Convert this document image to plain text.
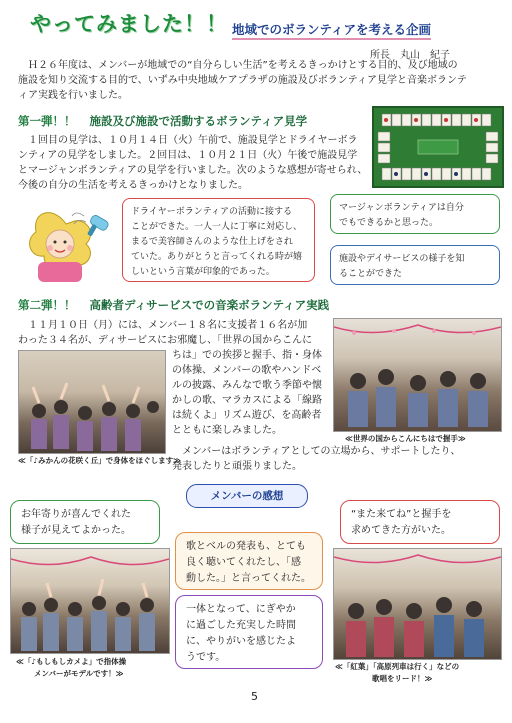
やってみました！！ 地域でのボランティアを考える企画
所長　丸山　紀子
Ｈ２６年度は、メンバーが地域での“自分らしい生活”を考えるきっかけとする目的、及び地域の
施設を知り交流する目的で、いずみ中央地域ケアプラザの施設及びボランティア見学と音楽ボランテ
ィア実践を行いました。
第一弾！！ 施設及び施設で活動するボランティア見学
１回目の見学は、１０月１４日（火）午前で、施設見学とドライヤーボラ
ンティアの見学をしました。２回目は、１０月２１日（火）午後で施設見学
とマージャンボランティアの見学を行いました。次のような感想が寄せられ、
今後の自分の生活を考えるきっかけとなりました。
ドライヤーボランティアの活動に接する
ことができた。一人一人に丁寧に対応し、
まるで美容師さんのような仕上げをされ
ていた。ありがとうと言ってくれる時が嬉
しいという言葉が印象的であった。
マージャンボランティアは自分
でもできるかと思った。
施設やデイサービスの様子を知
ることができた
第二弾！！ 高齢者ディサービスでの音楽ボランティア実践
１１月１０日（月）には、メンバー１８名に支援者１６名が加
わった３４名が、ディサービスにお邪魔し、「世界の国からこんに
ちは」での挨拶と握手、指・身体
の体操、メンバーの歌やハンドベ
ルの披露、みんなで歌う季節や懐
かしの歌、マラカスによる「線路
は続くよ」リズム遊び、を高齢者
とともに楽しみました。
メンバーはボランティアとしての立場から、サポートしたり、
発表したりと頑張りました。
≪「♪みかんの花咲く丘」で身体をほぐします≫
≪世界の国からこんにちはで握手≫
メンバーの感想
お年寄りが喜んでくれた
様子が見えてよかった。
“また来てね”と握手を
求めてきた方がいた。
歌とベルの発表も、とても
良く聴いてくれたし、「感
動した。」と言ってくれた。
一体となって、にぎやか
に過ごした充実した時間
に、やりがいを感じたよ
うです。
≪「♪もしもしカメよ」で指体操
メンバーがモデルです！≫
≪「紅葉」「高原列車は行く」などの
歌唱をリード！≫
5
